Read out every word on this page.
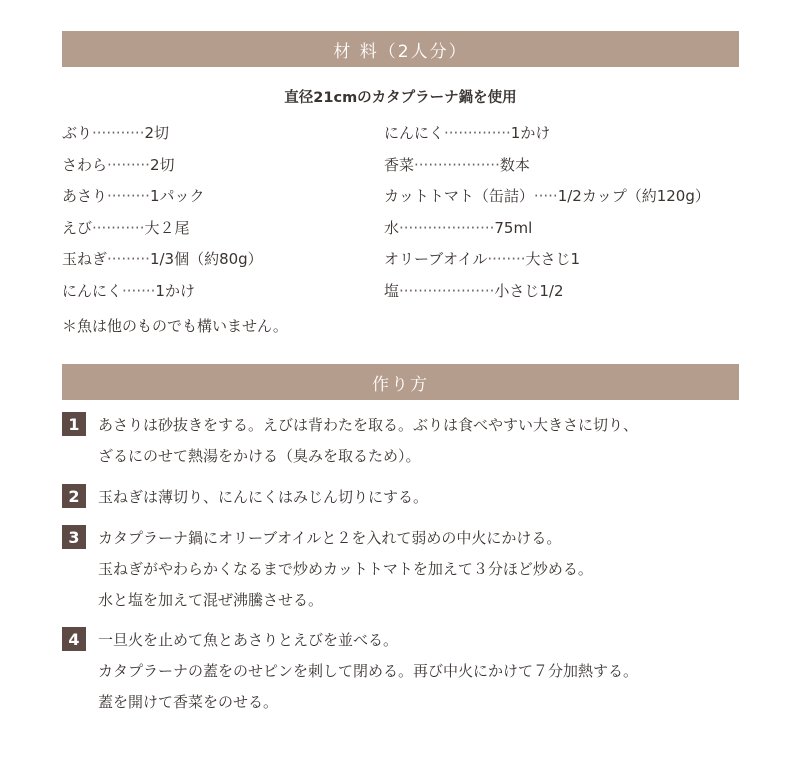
材 料（2人分）
直径21cmのカタプラーナ鍋を使用
ぶり ··········· 2切
さわら ········· 2切
あさり ········· 1パック
えび ··········· 大２尾
玉ねぎ ········· 1/3個（約80g）
にんにく ······· 1かけ
にんにく ·············· 1かけ
香菜 ·················· 数本
カットトマト（缶詰） ····· 1/2カップ（約120g）
水 ···················· 75ml
オリーブオイル ········ 大さじ1
塩 ···················· 小さじ1/2
＊魚は他のものでも構いません。
作り方
1	あさりは砂抜きをする。えびは背わたを取る。ぶりは食べやすい大きさに切り、
ざるにのせて熱湯をかける（臭みを取るため）。
2	玉ねぎは薄切り、にんにくはみじん切りにする。
3	カタプラーナ鍋にオリーブオイルと２を入れて弱めの中火にかける。
玉ねぎがやわらかくなるまで炒めカットトマトを加えて３分ほど炒める。
水と塩を加えて混ぜ沸騰させる。
4	一旦火を止めて魚とあさりとえびを並べる。
カタプラーナの蓋をのせピンを刺して閉める。再び中火にかけて７分加熱する。
蓋を開けて香菜をのせる。
